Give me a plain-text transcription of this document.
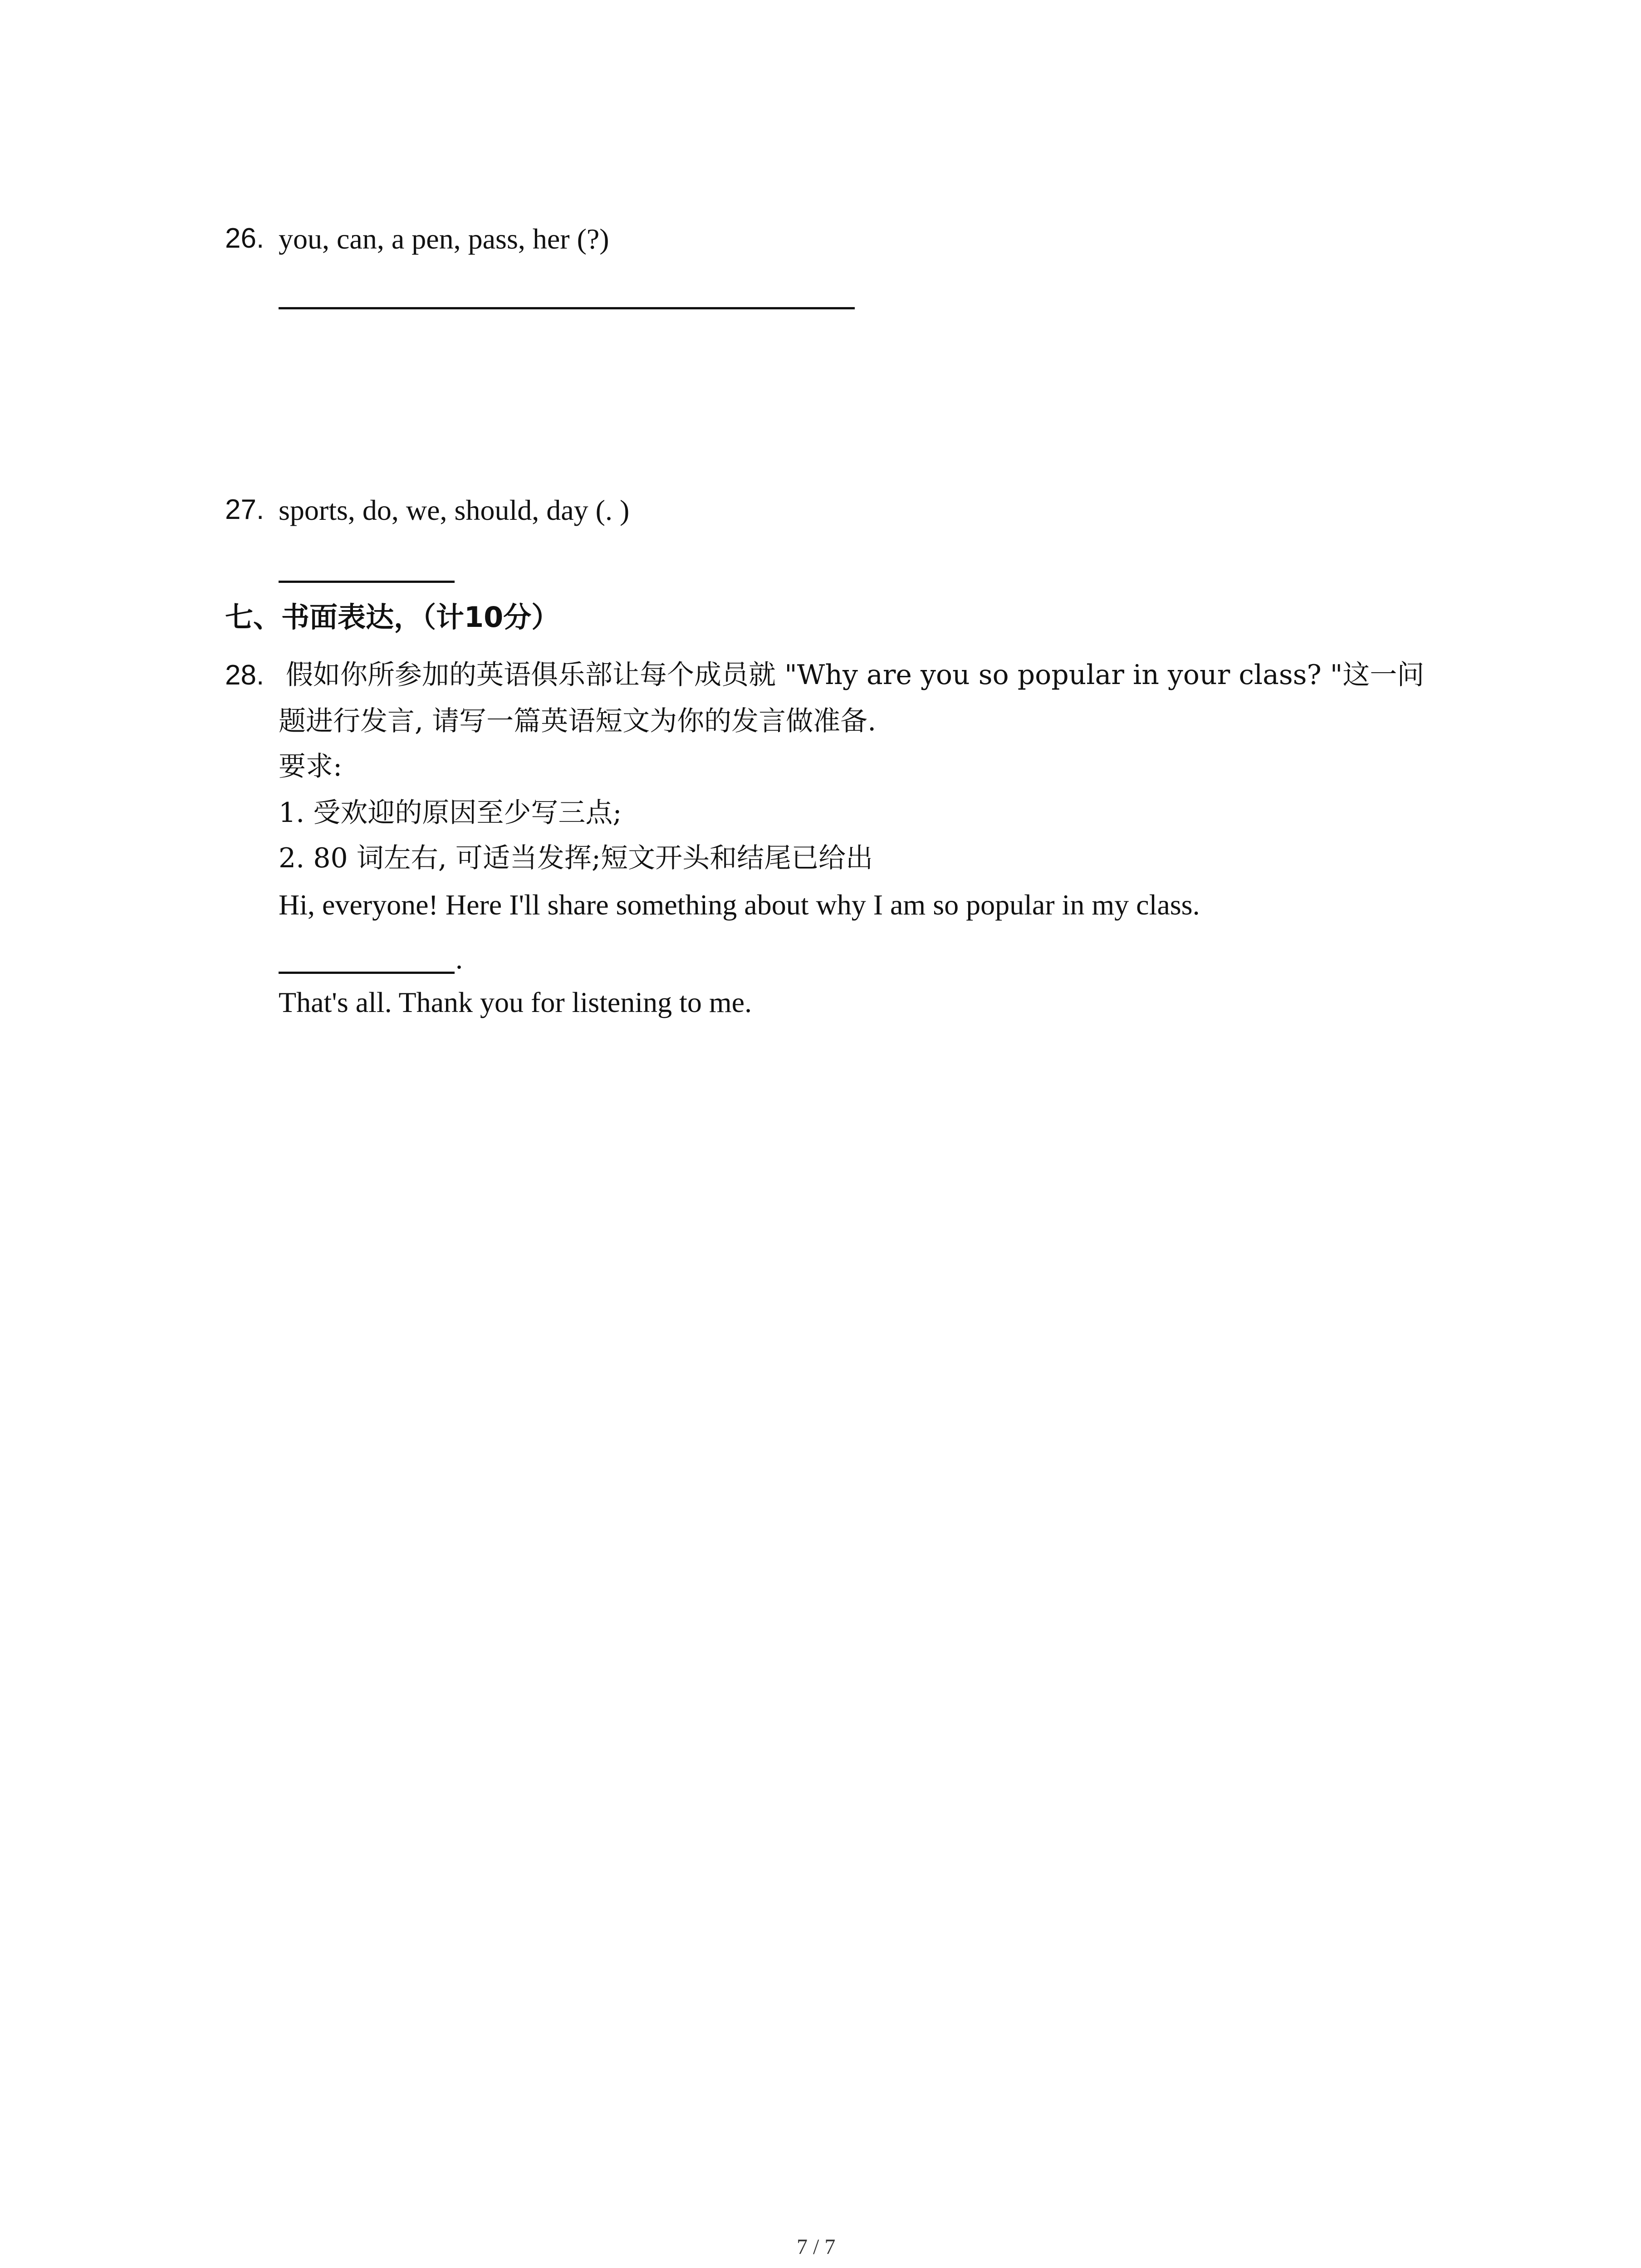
26. you, can, a pen, pass, her (?)
27. sports, do, we, should, day (. )
七、书面表达，（计10分）
28. 假如你所参加的英语俱乐部让每个成员就 "Why are you so popular in your class? "这一问
题进行发言, 请写一篇英语短文为你的发言做准备.
要求:
1. 受欢迎的原因至少写三点;
2. 80 词左右, 可适当发挥;短文开头和结尾已给出
Hi, everyone! Here I'll share something about why I am so popular in my class.
.
That's all. Thank you for listening to me.
7 / 7
